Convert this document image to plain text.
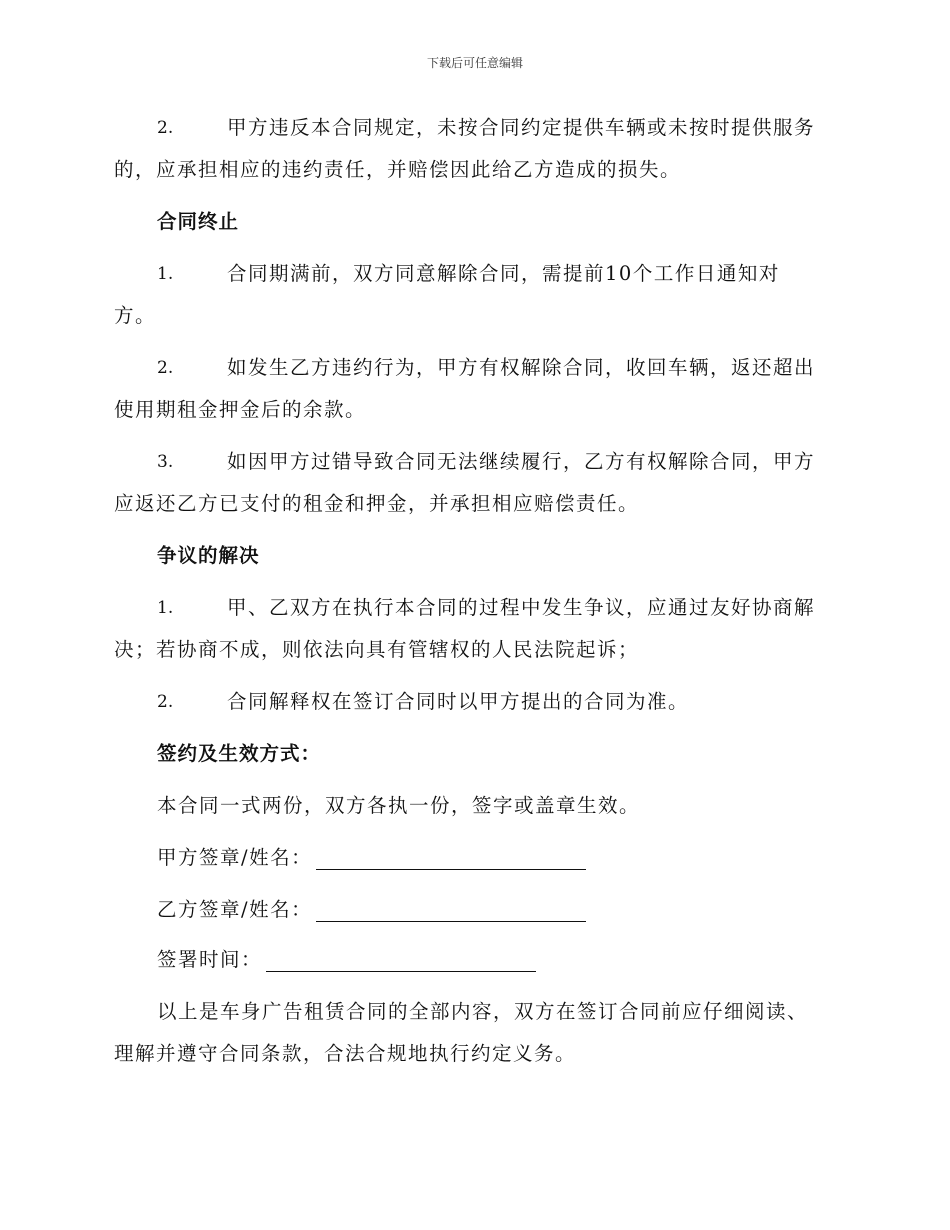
下载后可任意编辑
2.	甲方违反本合同规定，未按合同约定提供车辆或未按时提供服务
的，应承担相应的违约责任，并赔偿因此给乙方造成的损失。
合同终止
1.	合同期满前，双方同意解除合同，需提前10个工作日通知对
方。
2.	如发生乙方违约行为，甲方有权解除合同，收回车辆，返还超出
使用期租金押金后的余款。
3.	如因甲方过错导致合同无法继续履行，乙方有权解除合同，甲方
应返还乙方已支付的租金和押金，并承担相应赔偿责任。
争议的解决
1.	甲、乙双方在执行本合同的过程中发生争议，应通过友好协商解
决；若协商不成，则依法向具有管辖权的人民法院起诉；
2.	合同解释权在签订合同时以甲方提出的合同为准。
签约及生效方式：
本合同一式两份，双方各执一份，签字或盖章生效。
甲方签章/姓名：
乙方签章/姓名：
签署时间：
以上是车身广告租赁合同的全部内容，双方在签订合同前应仔细阅读、
理解并遵守合同条款，合法合规地执行约定义务。
